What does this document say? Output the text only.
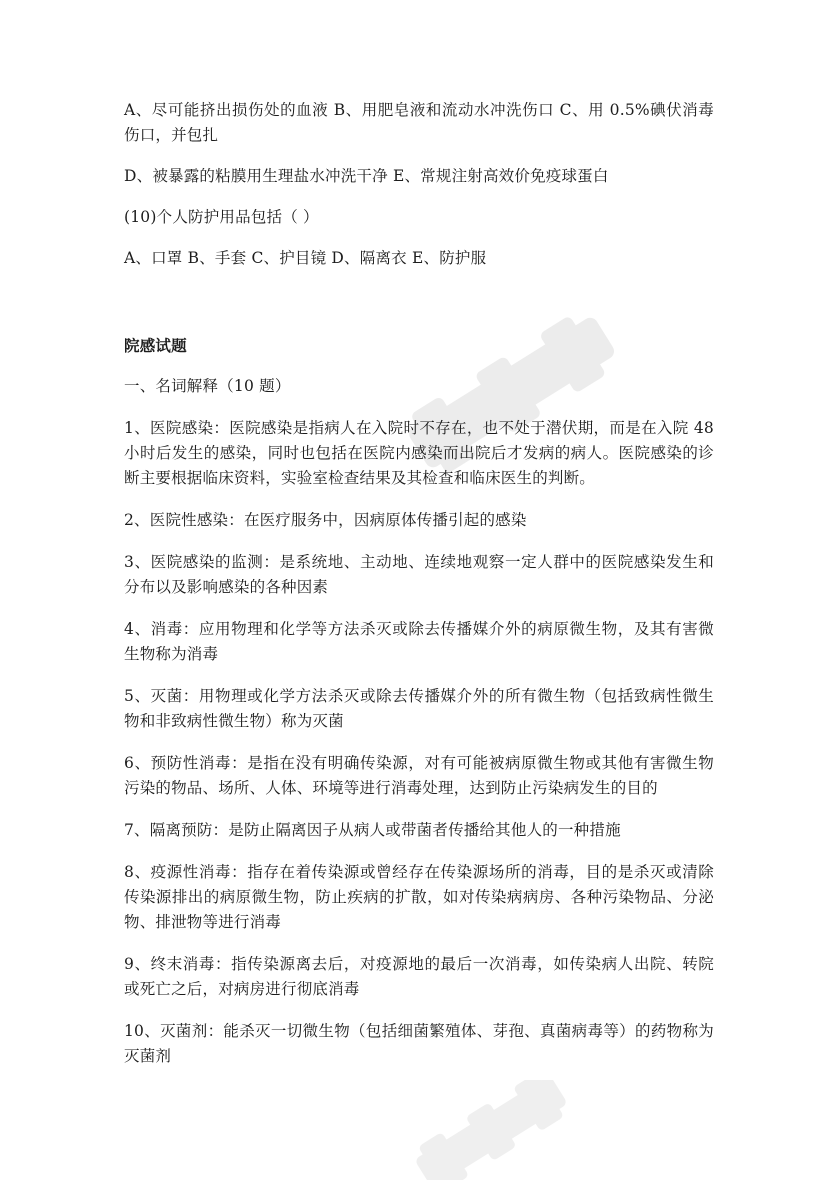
A、尽可能挤出损伤处的血液 B、用肥皂液和流动水冲洗伤口 C、用 0.5%碘伏消毒伤口，并包扎

D、被暴露的粘膜用生理盐水冲洗干净 E、常规注射高效价免疫球蛋白

(10)个人防护用品包括（ ）

A、口罩 B、手套 C、护目镜 D、隔离衣 E、防护服

院感试题

一、名词解释（10 题）

1、医院感染：医院感染是指病人在入院时不存在，也不处于潜伏期，而是在入院 48 小时后发生的感染，同时也包括在医院内感染而出院后才发病的病人。医院感染的诊断主要根据临床资料，实验室检查结果及其检查和临床医生的判断。

2、医院性感染：在医疗服务中，因病原体传播引起的感染

3、医院感染的监测：是系统地、主动地、连续地观察一定人群中的医院感染发生和分布以及影响感染的各种因素

4、消毒：应用物理和化学等方法杀灭或除去传播媒介外的病原微生物，及其有害微生物称为消毒

5、灭菌：用物理或化学方法杀灭或除去传播媒介外的所有微生物（包括致病性微生物和非致病性微生物）称为灭菌

6、预防性消毒：是指在没有明确传染源，对有可能被病原微生物或其他有害微生物污染的物品、场所、人体、环境等进行消毒处理，达到防止污染病发生的目的

7、隔离预防：是防止隔离因子从病人或带菌者传播给其他人的一种措施

8、疫源性消毒：指存在着传染源或曾经存在传染源场所的消毒，目的是杀灭或清除传染源排出的病原微生物，防止疾病的扩散，如对传染病病房、各种污染物品、分泌物、排泄物等进行消毒

9、终末消毒：指传染源离去后，对疫源地的最后一次消毒，如传染病人出院、转院或死亡之后，对病房进行彻底消毒

10、灭菌剂：能杀灭一切微生物（包括细菌繁殖体、芽孢、真菌病毒等）的药物称为灭菌剂
